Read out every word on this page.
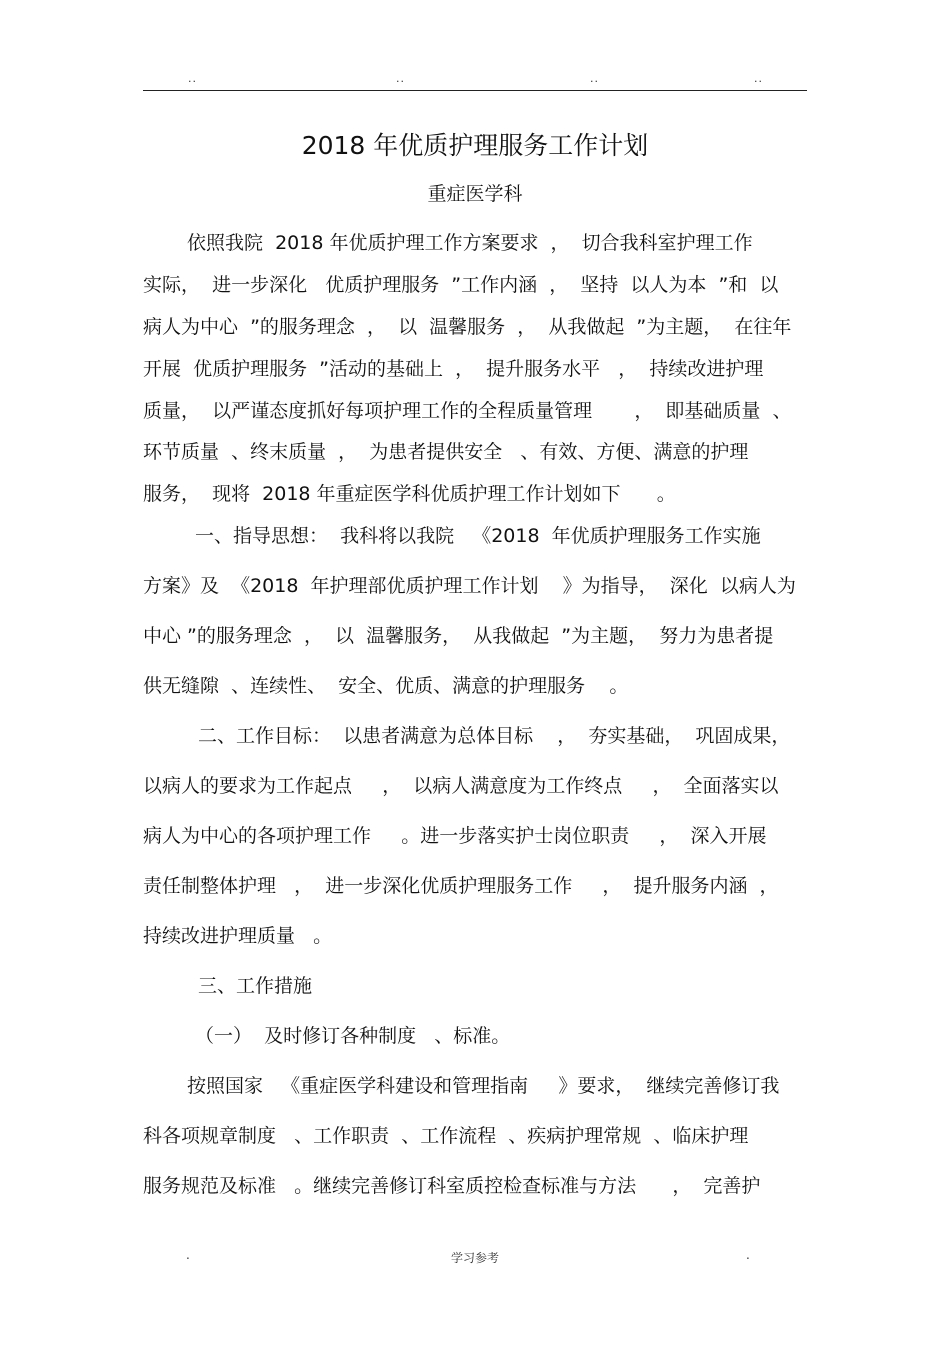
..	..	..	..
2018 年优质护理服务工作计划
重症医学科
依照我院  2018 年优质护理工作方案要求  ，  切合我科室护理工作
实际，  进一步深化   优质护理服务  ”工作内涵  ，  坚持  以人为本  ”和  以
病人为中心  ”的服务理念  ，  以  温馨服务  ，  从我做起  ”为主题，  在往年
开展  优质护理服务  ”活动的基础上  ，  提升服务水平   ，  持续改进护理
质量，  以严谨态度抓好每项护理工作的全程质量管理       ，  即基础质量  、
环节质量  、终末质量  ，  为患者提供安全   、有效、方便、满意的护理
服务，  现将  2018 年重症医学科优质护理工作计划如下      。
一、指导思想：  我科将以我院   《2018  年优质护理服务工作实施
方案》及  《2018  年护理部优质护理工作计划    》为指导，  深化  以病人为
中心 ”的服务理念  ，  以  温馨服务，  从我做起  ”为主题，  努力为患者提
供无缝隙  、连续性、  安全、优质、满意的护理服务    。
二、工作目标：  以患者满意为总体目标    ，  夯实基础，  巩固成果，
以病人的要求为工作起点     ，  以病人满意度为工作终点     ，  全面落实以
病人为中心的各项护理工作     。进一步落实护士岗位职责     ，  深入开展
责任制整体护理   ，  进一步深化优质护理服务工作     ，  提升服务内涵  ，
持续改进护理质量   。
三、工作措施
（一）  及时修订各种制度   、标准。
按照国家   《重症医学科建设和管理指南     》要求，  继续完善修订我
科各项规章制度   、工作职责  、工作流程  、疾病护理常规  、临床护理
服务规范及标准   。继续完善修订科室质控检查标准与方法      ，  完善护
.	学习参考	.
